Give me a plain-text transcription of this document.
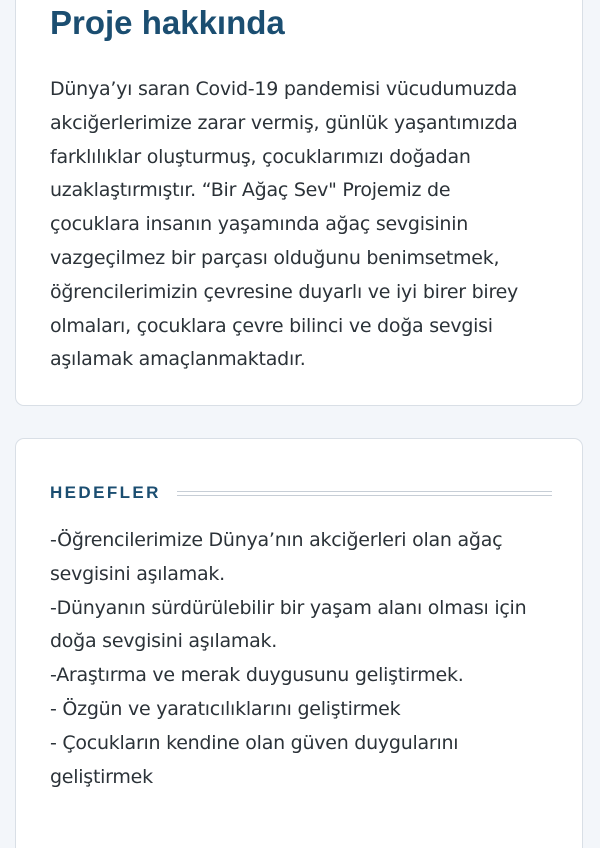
Proje hakkında

Dünya’yı saran Covid-19 pandemisi vücudumuzda
akciğerlerimize zarar vermiş, günlük yaşantımızda
farklılıklar oluşturmuş, çocuklarımızı doğadan
uzaklaştırmıştır. “Bir Ağaç Sev" Projemiz de
çocuklara insanın yaşamında ağaç sevgisinin
vazgeçilmez bir parçası olduğunu benimsetmek,
öğrencilerimizin çevresine duyarlı ve iyi birer birey
olmaları, çocuklara çevre bilinci ve doğa sevgisi
aşılamak amaçlanmaktadır.

HEDEFLER
-Öğrencilerimize Dünya’nın akciğerleri olan ağaç
sevgisini aşılamak.
-Dünyanın sürdürülebilir bir yaşam alanı olması için
doğa sevgisini aşılamak.
-Araştırma ve merak duygusunu geliştirmek.
- Özgün ve yaratıcılıklarını geliştirmek
- Çocukların kendine olan güven duygularını
geliştirmek
